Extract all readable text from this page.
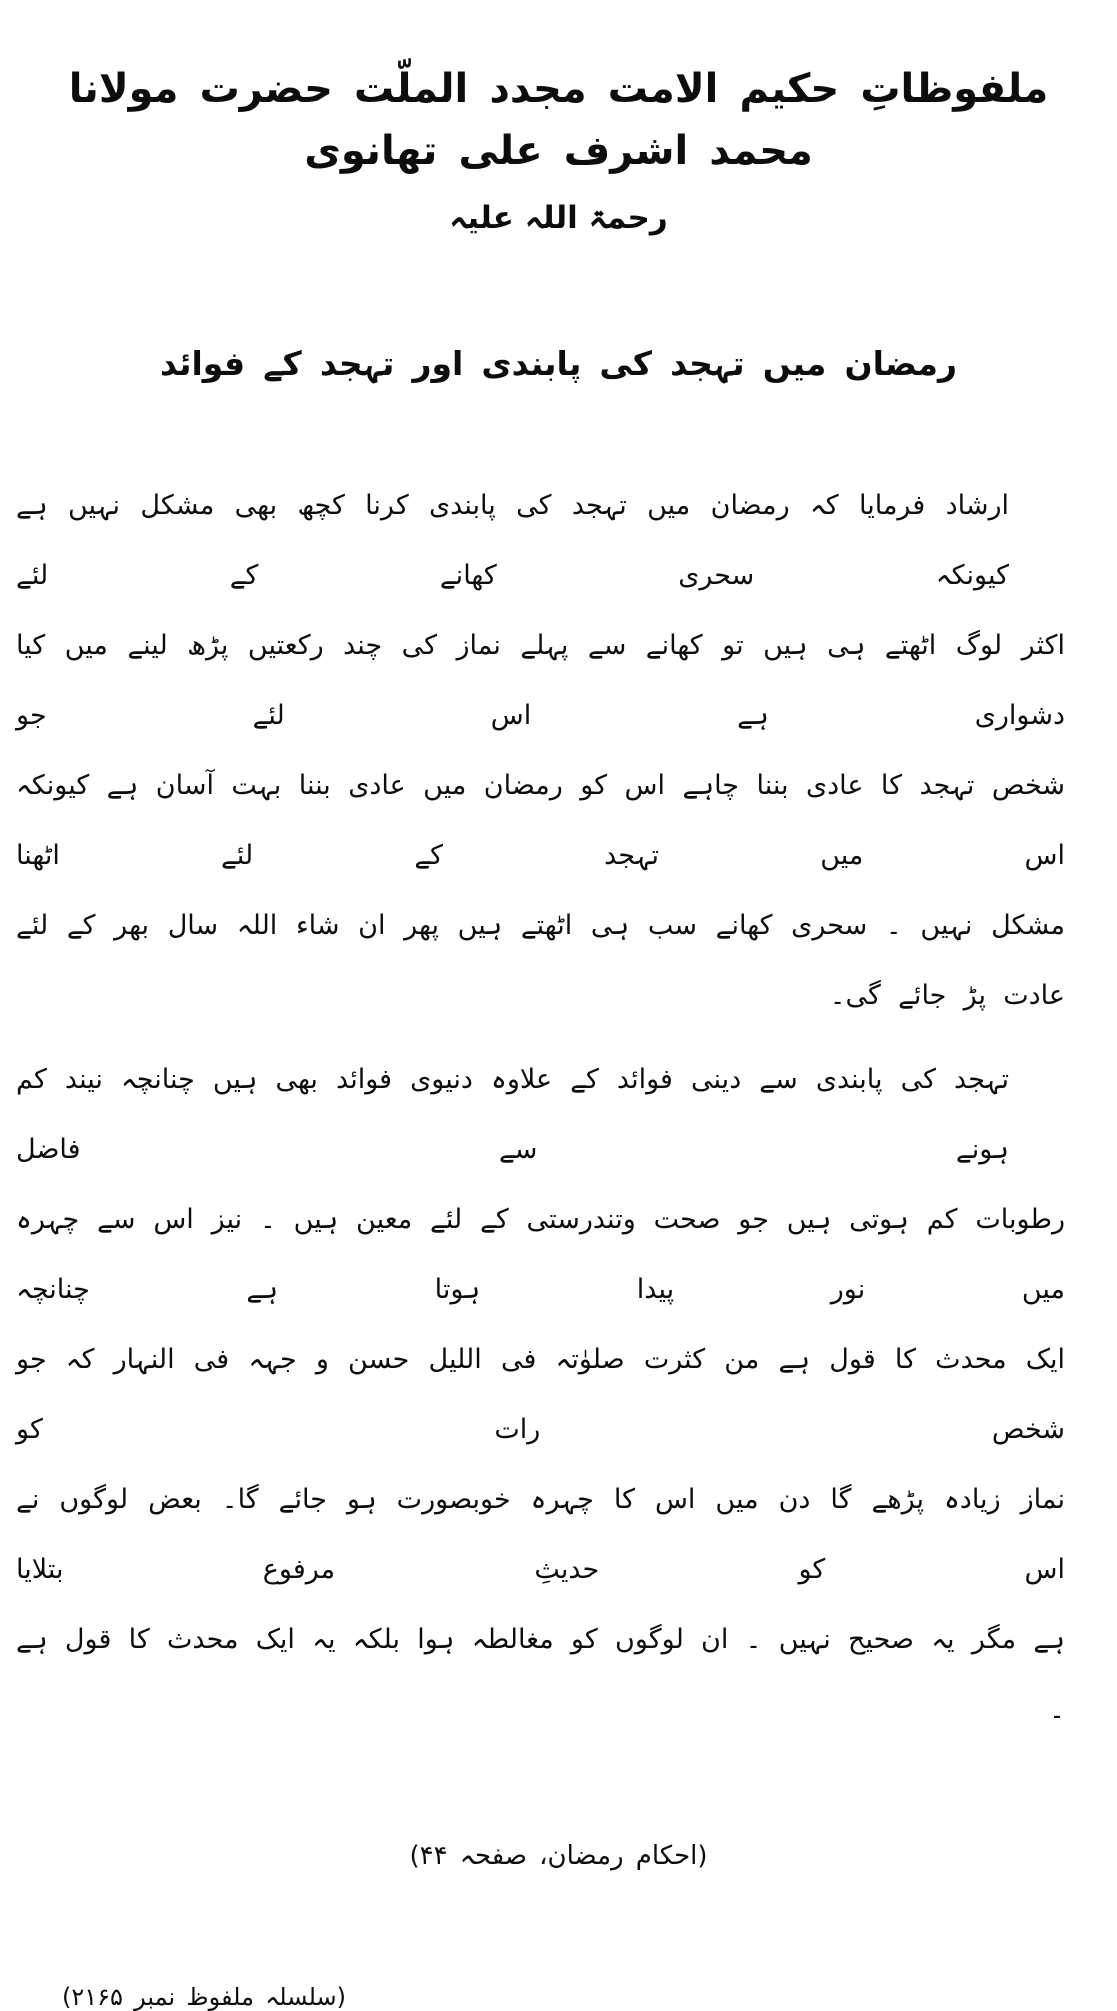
ملفوظاتِ حکیم الامت مجدد الملّت حضرت مولانا محمد اشرف علی تھانوی
رحمۃ اللہ علیہ
رمضان میں تہجد کی پابندی اور تہجد کے فوائد
ارشاد فرمایا کہ رمضان میں تہجد کی پابندی کرنا کچھ بھی مشکل نہیں ہے کیونکہ سحری کھانے کے لئے
اکثر لوگ اٹھتے ہی ہیں تو کھانے سے پہلے نماز کی چند رکعتیں پڑھ لینے میں کیا دشواری ہے اس لئے جو
شخص تہجد کا عادی بننا چاہے اس کو رمضان میں عادی بننا بہت آسان ہے کیونکہ اس میں تہجد کے لئے اٹھنا
مشکل نہیں ۔ سحری کھانے سب ہی اٹھتے ہیں پھر ان شاء اللہ سال بھر کے لئے عادت پڑ جائے گی۔
تہجد کی پابندی سے دینی فوائد کے علاوہ دنیوی فوائد بھی ہیں چنانچہ نیند کم ہونے سے فاضل
رطوبات کم ہوتی ہیں جو صحت وتندرستی کے لئے معین ہیں ۔ نیز اس سے چہرہ میں نور پیدا ہوتا ہے چنانچہ
ایک محدث کا قول ہے من کثرت صلوٰتہ فی اللیل حسن و جہہ فی النہار کہ جو شخص رات کو
نماز زیادہ پڑھے گا دن میں اس کا چہرہ خوبصورت ہو جائے گا۔ بعض لوگوں نے اس کو حدیثِ مرفوع بتلایا
ہے مگر یہ صحیح نہیں ۔ ان لوگوں کو مغالطہ ہوا بلکہ یہ ایک محدث کا قول ہے ۔
(احکام رمضان، صفحہ ۴۴)
(سلسلہ ملفوظ نمبر ۲۱۶۵)
